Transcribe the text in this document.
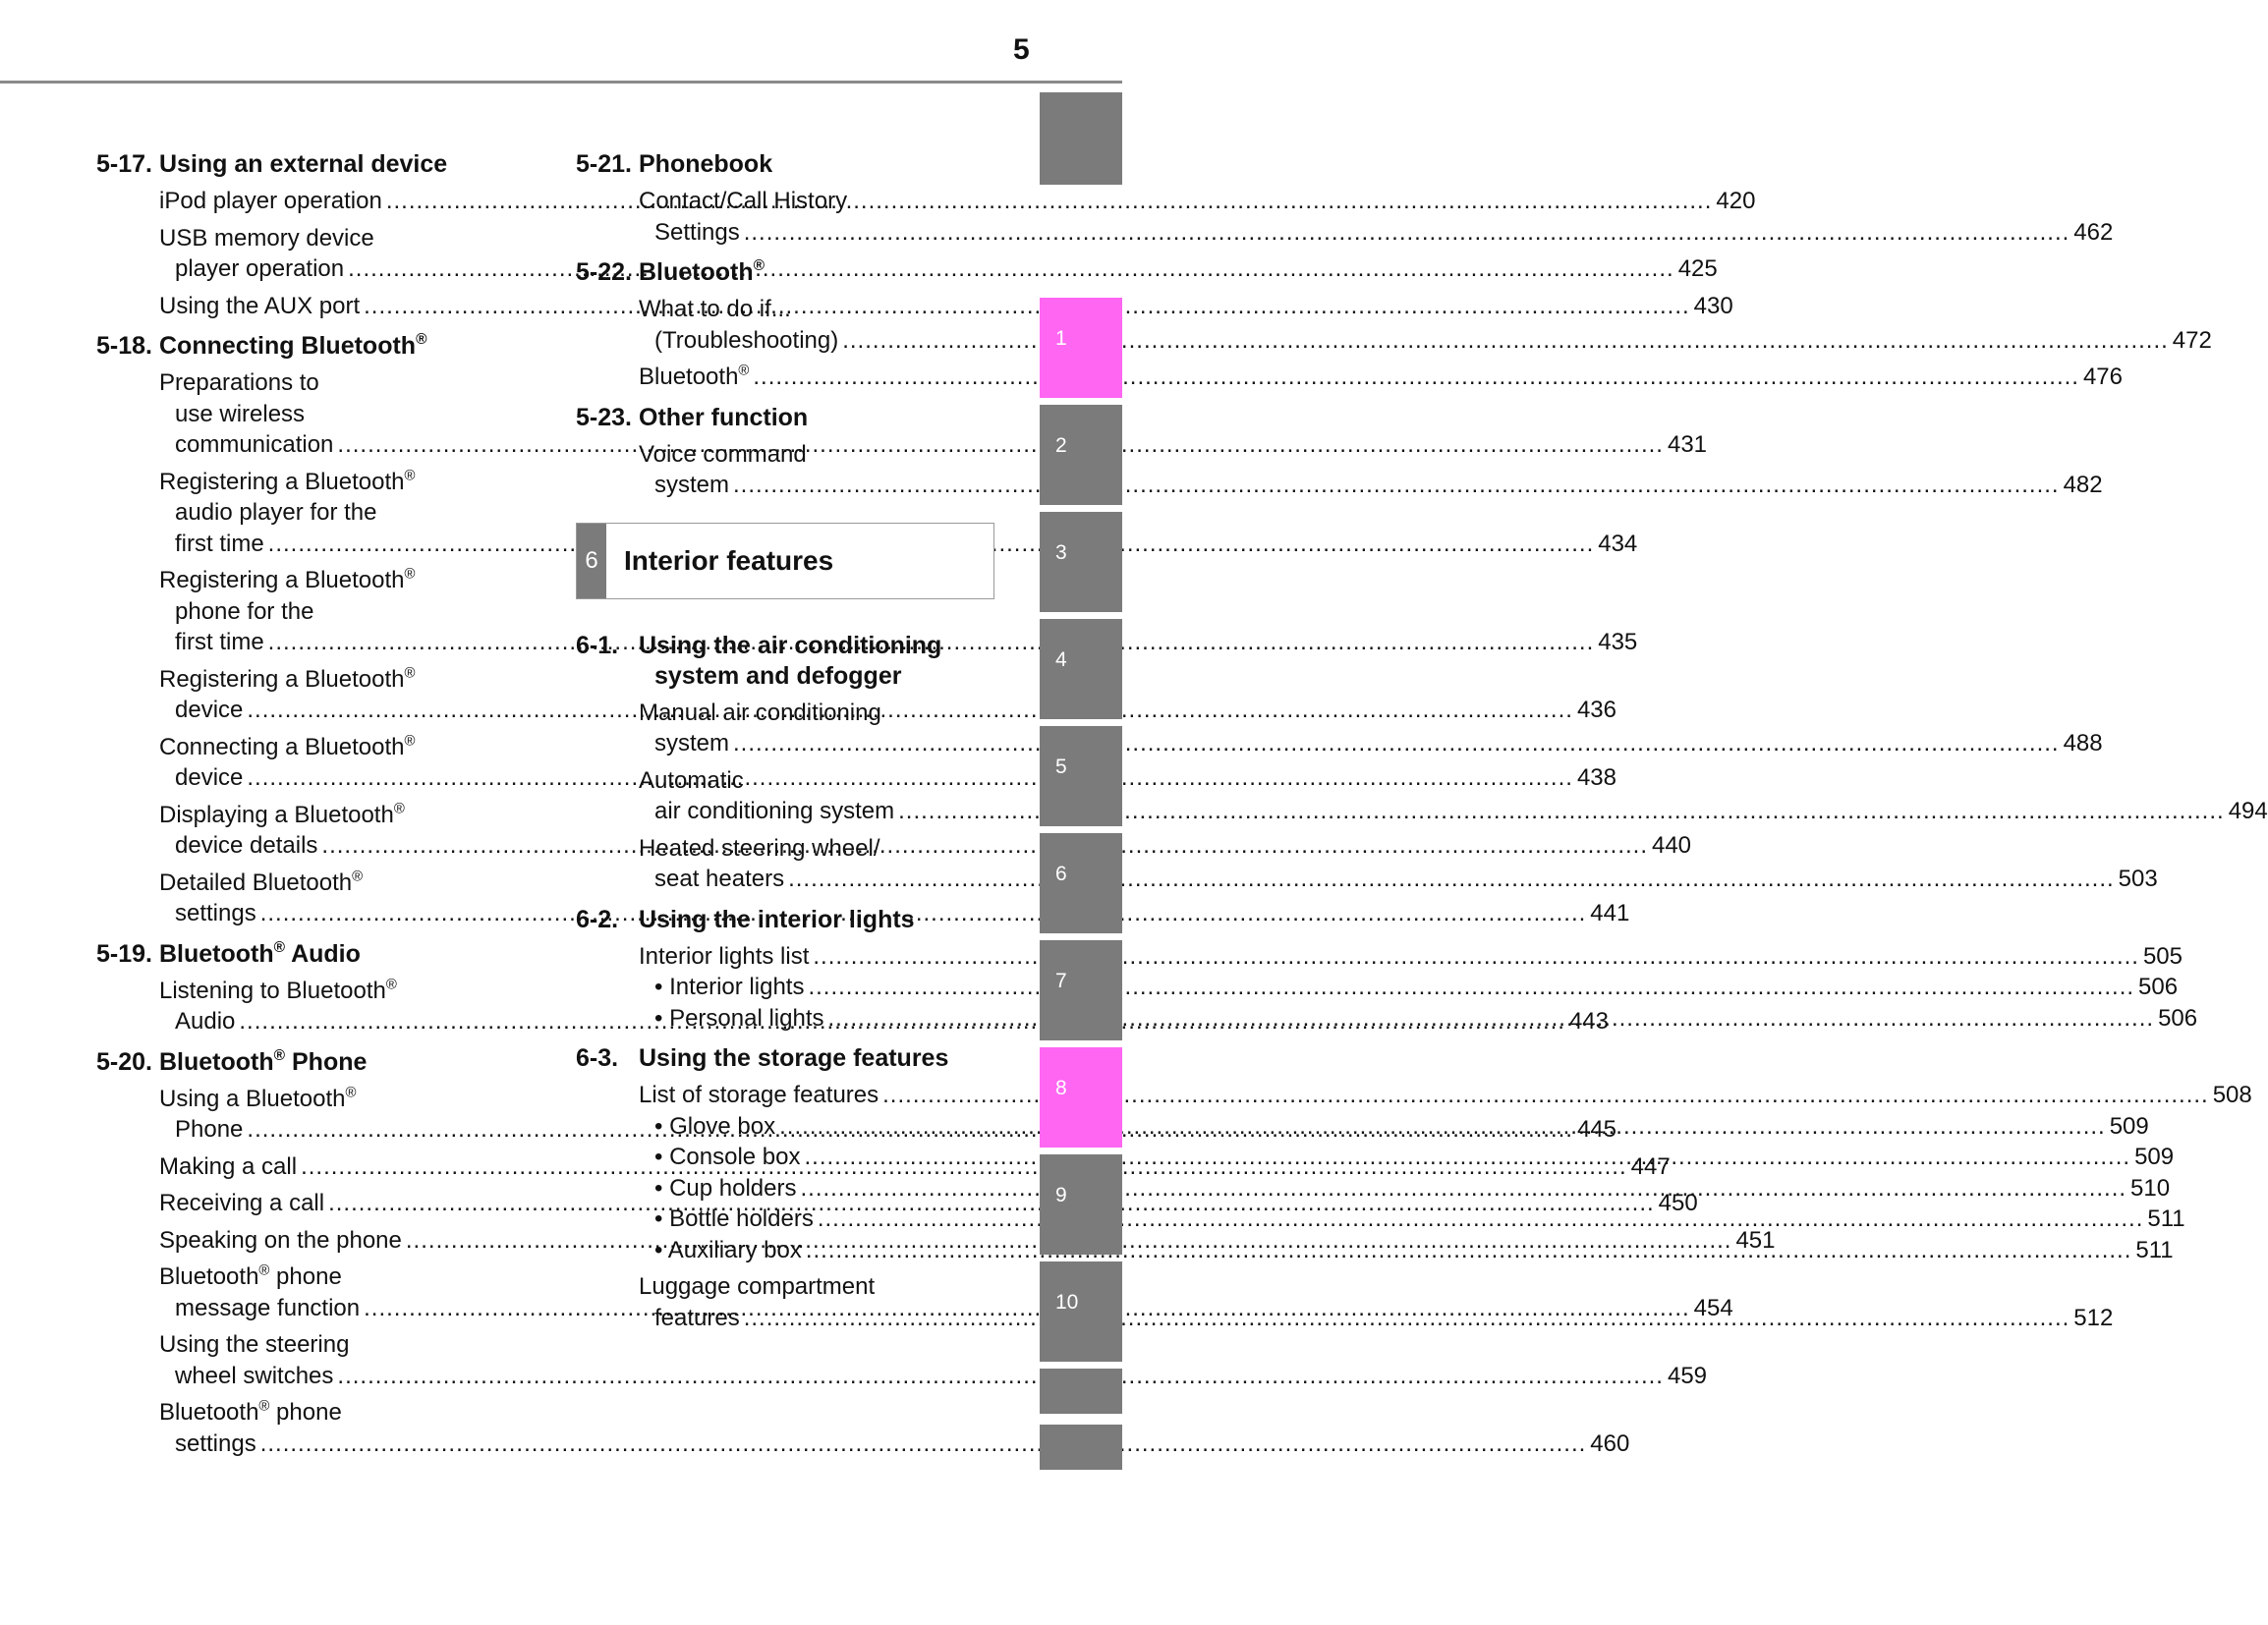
5
5-17. Using an external device
iPod player operation .....	420
USB memory device
player operation .....	425
Using the AUX port .....	430
5-18. Connecting Bluetooth®
Preparations to
use wireless
communication .....	431
Registering a Bluetooth®
audio player for the
first time .....	434
Registering a Bluetooth®
phone for the
first time .....	435
Registering a Bluetooth®
device .....	436
Connecting a Bluetooth®
device .....	438
Displaying a Bluetooth®
device details .....	440
Detailed Bluetooth®
settings .....	441
5-19. Bluetooth® Audio
Listening to Bluetooth®
Audio .....	443
5-20. Bluetooth® Phone
Using a Bluetooth®
Phone .....	445
Making a call .....	447
Receiving a call .....	450
Speaking on the phone .....	451
Bluetooth® phone
message function .....	454
Using the steering
wheel switches .....	459
Bluetooth® phone
settings .....	460
5-21. Phonebook
Contact/Call History
Settings .....	462
5-22. Bluetooth®
What to do if...
(Troubleshooting) .....	472
Bluetooth® .....	476
5-23. Other function
Voice command
system .....	482
6 Interior features
6-1. Using the air conditioning
system and defogger
Manual air conditioning
system .....	488
Automatic
air conditioning system .....	494
Heated steering wheel/
seat heaters .....	503
6-2. Using the interior lights
Interior lights list .....	505
• Interior lights .....	506
• Personal lights .....	506
6-3. Using the storage features
List of storage features .....	508
• Glove box .....	509
• Console box .....	509
• Cup holders .....	510
• Bottle holders .....	511
• Auxiliary box .....	511
Luggage compartment
features .....	512
1
2
3
4
5
6
7
8
9
10
